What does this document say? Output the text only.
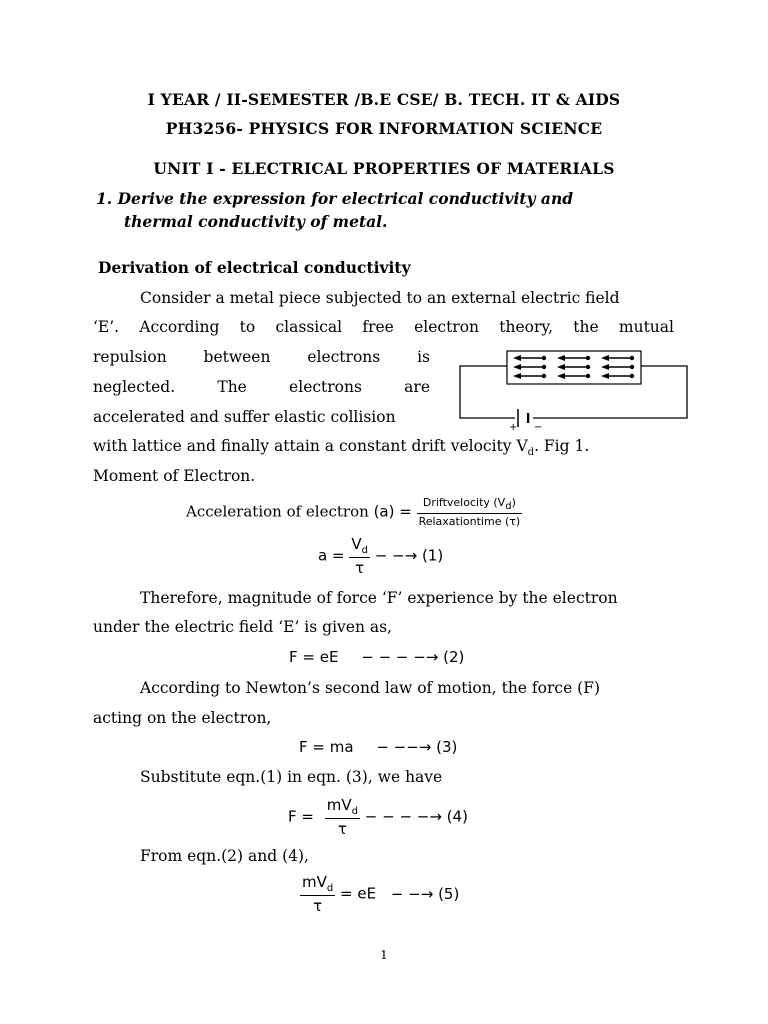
I YEAR / II-SEMESTER /B.E CSE/ B. TECH. IT & AIDS
PH3256- PHYSICS FOR INFORMATION SCIENCE
UNIT I - ELECTRICAL PROPERTIES OF MATERIALS
1. Derive the expression for electrical conductivity and
thermal conductivity of metal.
Derivation of electrical conductivity
Consider a metal piece subjected to an external electric field
‘E’. According to classical free electron theory, the mutual
repulsion between electrons is
neglected. The electrons are
accelerated and suffer elastic collision
with lattice and finally attain a constant drift velocity $V_d$. Fig 1.
Moment of Electron.
+ −
Acceleration of electron $(a) = \frac{Driftvelocity (V_d)}{\text{Relaxationtime (τ)}}$
$a = \frac{V_d}{\tau}$ − −→ (1)
Therefore, magnitude of force ‘F’ experience by the electron
under the electric field ‘E’ is given as,
F = eE − − − −→ (2)
According to Newton’s second law of motion, the force (F)
acting on the electron,
F = ma − −−→ (3)
Substitute eqn.(1) in eqn. (3), we have
$F = \frac{mV_d}{\tau}$ − − − −→ (4)
From eqn.(2) and (4),
$\frac{mV_d}{\tau}$ = eE − −→ (5)
1
